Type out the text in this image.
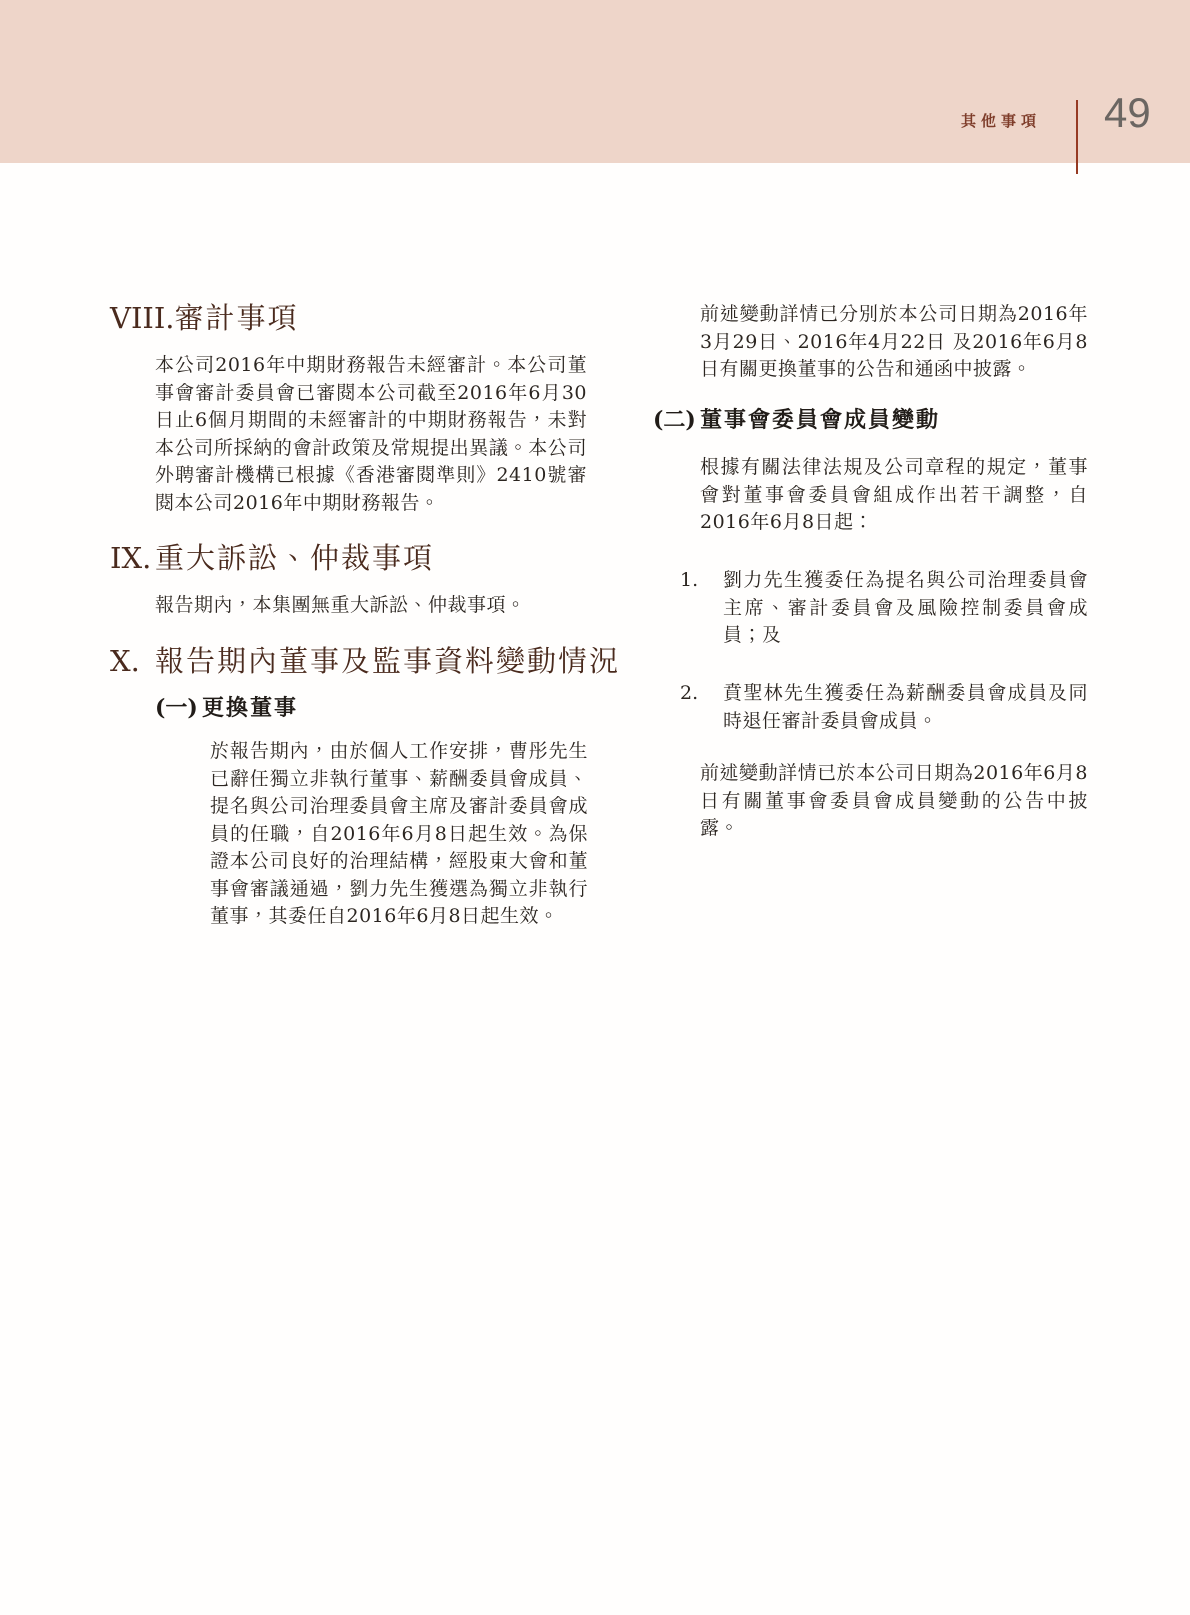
其他事項 49
VIII. 審計事項
本公司2016年中期財務報告未經審計。本公司董事會審計委員會已審閱本公司截至2016年6月30日止6個月期間的未經審計的中期財務報告，未對本公司所採納的會計政策及常規提出異議。本公司外聘審計機構已根據《香港審閱準則》2410號審閱本公司2016年中期財務報告。
IX. 重大訴訟、仲裁事項
報告期內，本集團無重大訴訟、仲裁事項。
X. 報告期內董事及監事資料變動情況
(一) 更換董事
於報告期內，由於個人工作安排，曹彤先生已辭任獨立非執行董事、薪酬委員會成員、提名與公司治理委員會主席及審計委員會成員的任職，自2016年6月8日起生效。為保證本公司良好的治理結構，經股東大會和董事會審議通過，劉力先生獲選為獨立非執行董事，其委任自2016年6月8日起生效。
前述變動詳情已分別於本公司日期為2016年3月29日、2016年4月22日 及2016年6月8日有關更換董事的公告和通函中披露。
(二) 董事會委員會成員變動
根據有關法律法規及公司章程的規定，董事會對董事會委員會組成作出若干調整，自2016年6月8日起：
1.	劉力先生獲委任為提名與公司治理委員會主席、審計委員會及風險控制委員會成員；及
2.	賁聖林先生獲委任為薪酬委員會成員及同時退任審計委員會成員。
前述變動詳情已於本公司日期為2016年6月8日有關董事會委員會成員變動的公告中披露。
